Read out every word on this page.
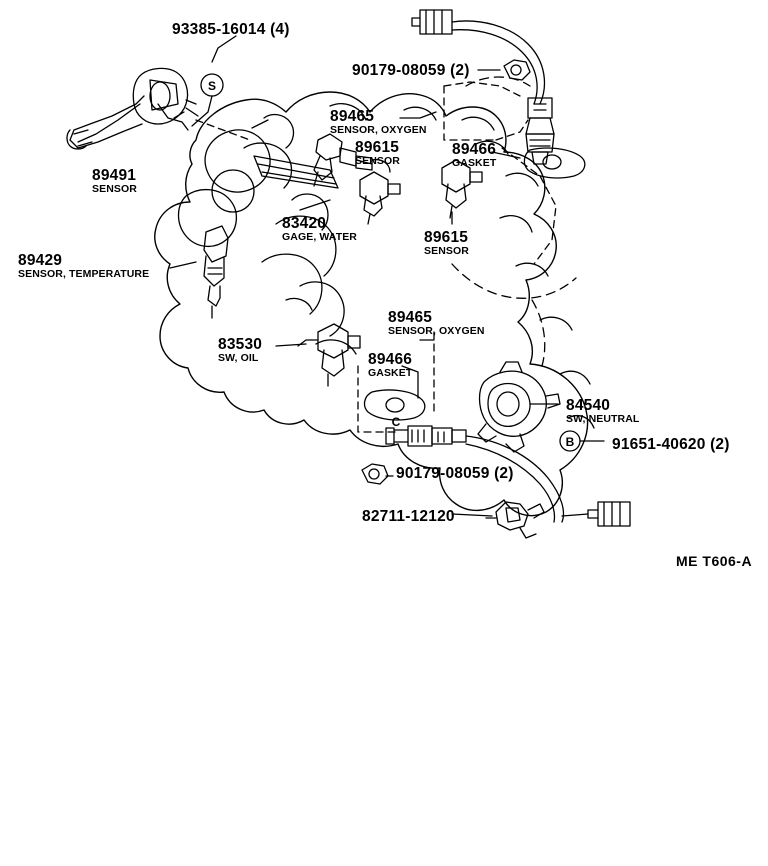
S
C
B
93385-16014 (4)
90179-08059 (2)
89465
SENSOR, OXYGEN
89615
SENSOR
89466
GASKET
89491
SENSOR
83420
GAGE, WATER	89615
SENSOR
89429
SENSOR, TEMPERATURE
89465
SENSOR, OXYGEN
83530
SW, OIL	89466
GASKET
84540
SW, NEUTRAL
91651-40620 (2)
90179-08059 (2)
82711-12120
ME T606-A
